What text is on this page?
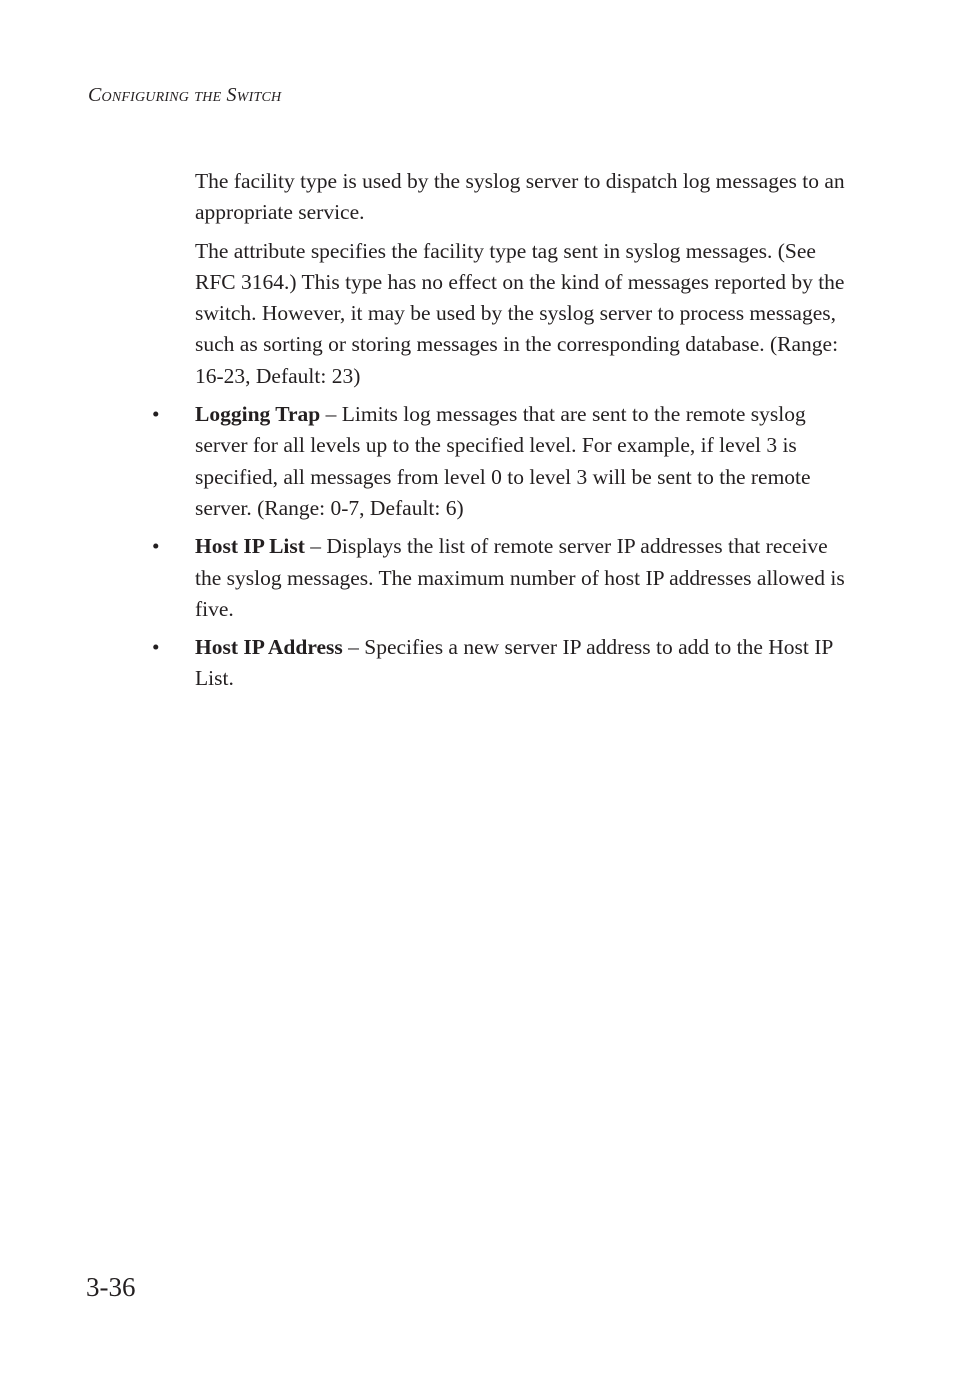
Configuring the Switch

The facility type is used by the syslog server to dispatch log messages to an appropriate service.

The attribute specifies the facility type tag sent in syslog messages. (See RFC 3164.) This type has no effect on the kind of messages reported by the switch. However, it may be used by the syslog server to process messages, such as sorting or storing messages in the corresponding database. (Range: 16-23, Default: 23)

• Logging Trap – Limits log messages that are sent to the remote syslog server for all levels up to the specified level. For example, if level 3 is specified, all messages from level 0 to level 3 will be sent to the remote server. (Range: 0-7, Default: 6)
• Host IP List – Displays the list of remote server IP addresses that receive the syslog messages. The maximum number of host IP addresses allowed is five.
• Host IP Address – Specifies a new server IP address to add to the Host IP List.
3-36
